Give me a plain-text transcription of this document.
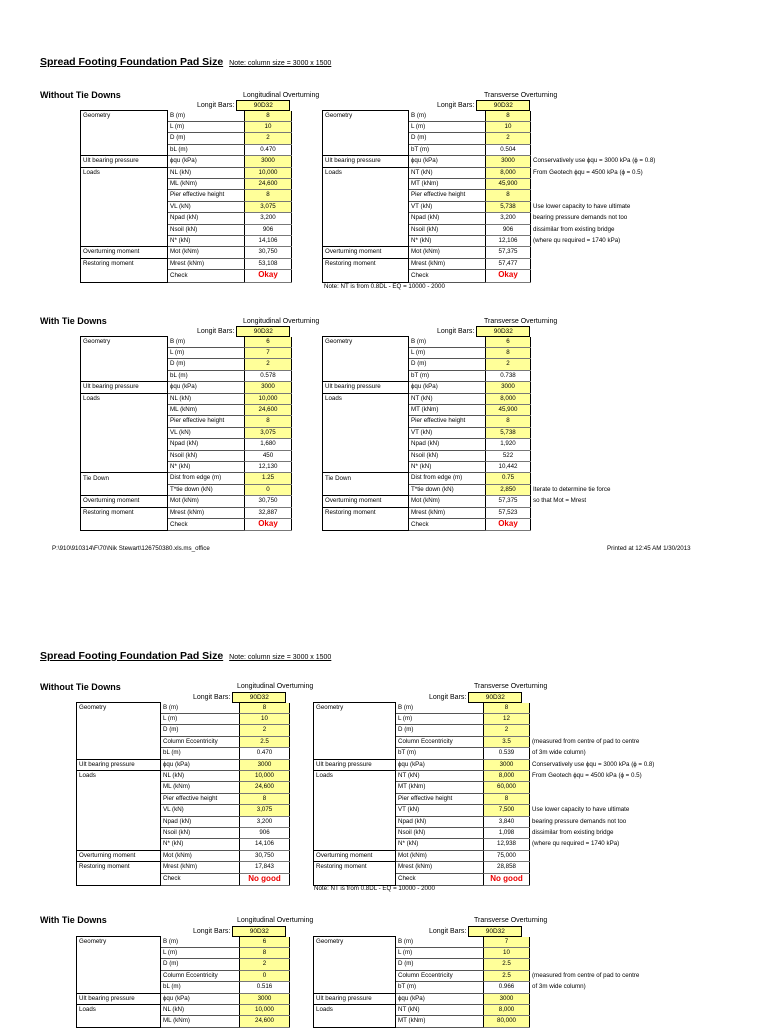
Spread Footing Foundation Pad Size Note: column size = 3000 x 1500
Without Tie Downs	Longitudinal Overturning	Transverse Overturning
Longit Bars:	90D32	Longit Bars:	90D32
Geometry	B (m)	8
	L (m)	10
	D (m)	2
	bL (m)	0.470
Ult bearing pressure	ɸqu (kPa)	3000
Loads	NL (kN)	10,000
	ML (kNm)	24,600
	Pier effective height	8
	VL (kN)	3,075
	Npad (kN)	3,200
	Nsoil (kN)	906
	N* (kN)	14,106
Overturning moment	Mot (kNm)	30,750
Restoring moment	Mrest (kNm)	53,108
	Check	Okay
Geometry	B (m)	8	
	L (m)	10	
	D (m)	2	
	bT (m)	0.504	
Ult bearing pressure	ɸqu (kPa)	3000	Conservatively use ɸqu = 3000 kPa (ɸ = 0.8)
Loads	NT (kN)	8,000	From Geotech ɸqu = 4500 kPa (ɸ = 0.5)
	MT (kNm)	45,900	
	Pier effective height	8	
	VT (kN)	5,738	Use lower capacity to have ultimate
	Npad (kN)	3,200	bearing pressure demands not too
	Nsoil (kN)	906	dissimilar from existing bridge
	N* (kN)	12,106	(where qu required = 1740 kPa)
Overturning moment	Mot (kNm)	57,375	
Restoring moment	Mrest (kNm)	57,477	
	Check	Okay	
Note: NT is from 0.8DL - EQ = 10000 - 2000
With Tie Downs	Longitudinal Overturning	Transverse Overturning
Longit Bars:	90D32	Longit Bars:	90D32
Geometry	B (m)	6
	L (m)	7
	D (m)	2
	bL (m)	0.578
Ult bearing pressure	ɸqu (kPa)	3000
Loads	NL (kN)	10,000
	ML (kNm)	24,600
	Pier effective height	8
	VL (kN)	3,075
	Npad (kN)	1,680
	Nsoil (kN)	450
	N* (kN)	12,130
Tie Down	Dist from edge (m)	1.25
	T*tie down (kN)	0
Overturning moment	Mot (kNm)	30,750
Restoring moment	Mrest (kNm)	32,887
	Check	Okay
Geometry	B (m)	6	
	L (m)	8	
	D (m)	2	
	bT (m)	0.738	
Ult bearing pressure	ɸqu (kPa)	3000	
Loads	NT (kN)	8,000	
	MT (kNm)	45,900	
	Pier effective height	8	
	VT (kN)	5,738	
	Npad (kN)	1,920	
	Nsoil (kN)	522	
	N* (kN)	10,442	
Tie Down	Dist from edge (m)	0.75	
	T*tie down (kN)	2,850	Iterate to determine tie force
Overturning moment	Mot (kNm)	57,375	so that Mot = Mrest
Restoring moment	Mrest (kNm)	57,523	
	Check	Okay	
P:\910\910314\F\70\Nik Stewart\126750380.xls.ms_office	Printed at 12:45 AM 1/30/2013
Spread Footing Foundation Pad Size Note: column size = 3000 x 1500
Without Tie Downs	Longitudinal Overturning	Transverse Overturning
Longit Bars:	90D32	Longit Bars:	90D32
Geometry	B (m)	8
	L (m)	10
	D (m)	2
	Column Eccentricity	2.5
	bL (m)	0.470
Ult bearing pressure	ɸqu (kPa)	3000
Loads	NL (kN)	10,000
	ML (kNm)	24,600
	Pier effective height	8
	VL (kN)	3,075
	Npad (kN)	3,200
	Nsoil (kN)	906
	N* (kN)	14,106
Overturning moment	Mot (kNm)	30,750
Restoring moment	Mrest (kNm)	17,843
	Check	No good
Geometry	B (m)	8	
	L (m)	12	
	D (m)	2	
	Column Eccentricity	3.5	(measured from centre of pad to centre
	bT (m)	0.539	of 3m wide column)
Ult bearing pressure	ɸqu (kPa)	3000	Conservatively use ɸqu = 3000 kPa (ɸ = 0.8)
Loads	NT (kN)	8,000	From Geotech ɸqu = 4500 kPa (ɸ = 0.5)
	MT (kNm)	60,000	
	Pier effective height	8	
	VT (kN)	7,500	Use lower capacity to have ultimate
	Npad (kN)	3,840	bearing pressure demands not too
	Nsoil (kN)	1,098	dissimilar from existing bridge
	N* (kN)	12,938	(where qu required = 1740 kPa)
Overturning moment	Mot (kNm)	75,000	
Restoring moment	Mrest (kNm)	28,858	
	Check	No good	
Note: NT is from 0.8DL - EQ = 10000 - 2000
With Tie Downs	Longitudinal Overturning	Transverse Overturning
Longit Bars:	90D32	Longit Bars:	90D32
Geometry	B (m)	6
	L (m)	8
	D (m)	2
	Column Eccentricity	0
	bL (m)	0.516
Ult bearing pressure	ɸqu (kPa)	3000
Loads	NL (kN)	10,000
	ML (kNm)	24,600
Geometry	B (m)	7	
	L (m)	10	
	D (m)	2.5	
	Column Eccentricity	2.5	(measured from centre of pad to centre
	bT (m)	0.966	of 3m wide column)
Ult bearing pressure	ɸqu (kPa)	3000	
Loads	NT (kN)	8,000	
	MT (kNm)	80,000	
